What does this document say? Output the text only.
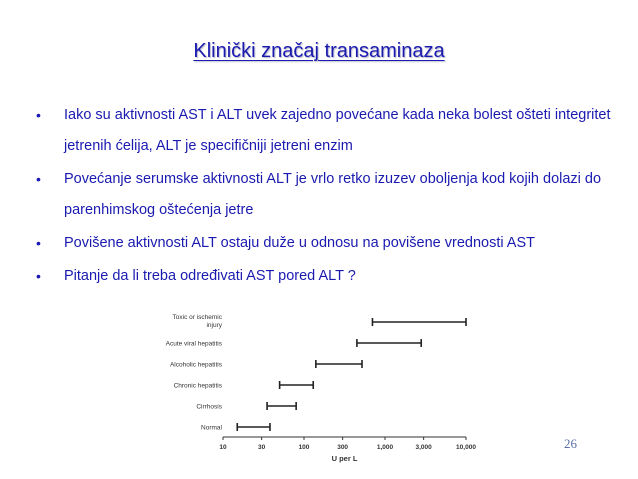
Klinički značaj transaminaza
• Iako su aktivnosti AST i ALT uvek zajedno povećane kada neka bolest ošteti integritet jetrenih ćelija, ALT je specifičniji jetreni enzim
• Povećanje serumske aktivnosti ALT je vrlo retko izuzev oboljenja kod kojih dolazi do parenhimskog oštećenja jetre
• Povišene aktivnosti ALT ostaju duže u odnosu na povišene vrednosti AST
• Pitanje da li treba određivati AST pored ALT ?
10	30	100	300	1,000	3,000	10,000
U per L
Toxic or ischemic
injury
Acute viral hepatitis
Alcoholic hepatitis
Chronic hepatitis
Cirrhosis
Normal
26
